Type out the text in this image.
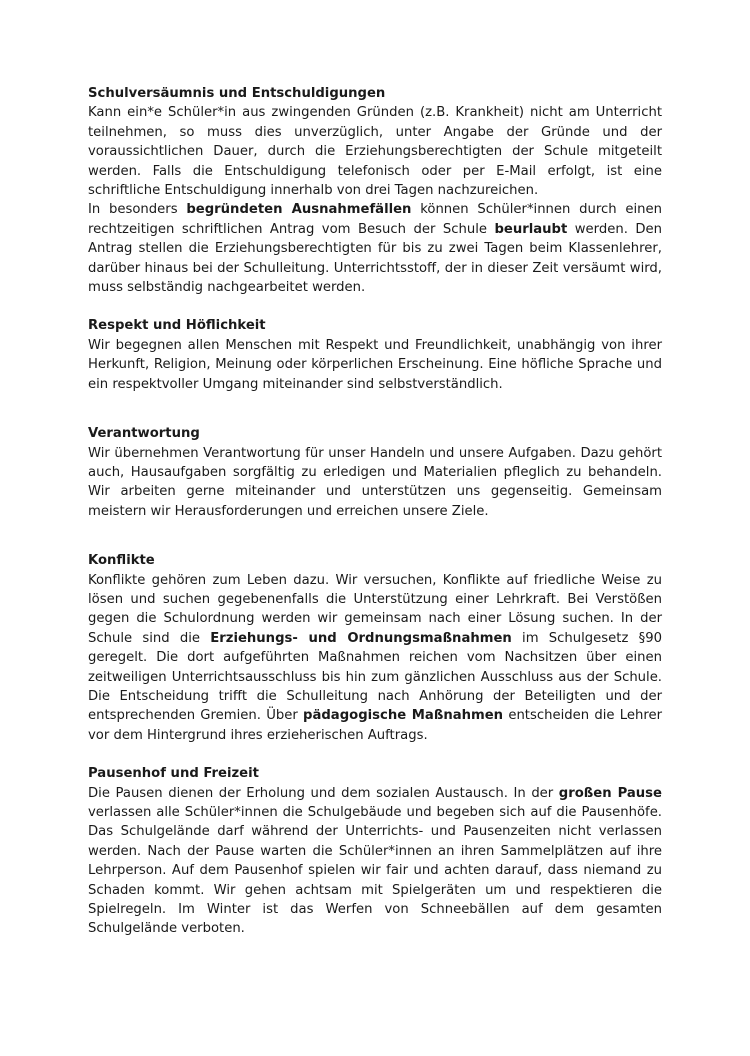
Schulversäumnis und Entschuldigungen

Kann ein*e Schüler*in aus zwingenden Gründen (z.B. Krankheit) nicht am Unterricht teilnehmen, so muss dies unverzüglich, unter Angabe der Gründe und der voraussichtlichen Dauer, durch die Erziehungsberechtigten der Schule mitgeteilt werden. Falls die Entschuldigung telefonisch oder per E-Mail erfolgt, ist eine schriftliche Entschuldigung innerhalb von drei Tagen nachzureichen.

In besonders begründeten Ausnahmefällen können Schüler*innen durch einen rechtzeitigen schriftlichen Antrag vom Besuch der Schule beurlaubt werden. Den Antrag stellen die Erziehungsberechtigten für bis zu zwei Tagen beim Klassenlehrer, darüber hinaus bei der Schulleitung. Unterrichtsstoff, der in dieser Zeit versäumt wird, muss selbständig nachgearbeitet werden.

Respekt und Höflichkeit

Wir begegnen allen Menschen mit Respekt und Freundlichkeit, unabhängig von ihrer Herkunft, Religion, Meinung oder körperlichen Erscheinung. Eine höfliche Sprache und ein respektvoller Umgang miteinander sind selbstverständlich.

Verantwortung

Wir übernehmen Verantwortung für unser Handeln und unsere Aufgaben. Dazu gehört auch, Hausaufgaben sorgfältig zu erledigen und Materialien pfleglich zu behandeln. Wir arbeiten gerne miteinander und unterstützen uns gegenseitig. Gemeinsam meistern wir Herausforderungen und erreichen unsere Ziele.

Konflikte

Konflikte gehören zum Leben dazu. Wir versuchen, Konflikte auf friedliche Weise zu lösen und suchen gegebenenfalls die Unterstützung einer Lehrkraft. Bei Verstößen gegen die Schulordnung werden wir gemeinsam nach einer Lösung suchen. In der Schule sind die Erziehungs- und Ordnungsmaßnahmen im Schulgesetz §90 geregelt. Die dort aufgeführten Maßnahmen reichen vom Nachsitzen über einen zeitweiligen Unterrichtsausschluss bis hin zum gänzlichen Ausschluss aus der Schule. Die Entscheidung trifft die Schulleitung nach Anhörung der Beteiligten und der entsprechenden Gremien. Über pädagogische Maßnahmen entscheiden die Lehrer vor dem Hintergrund ihres erzieherischen Auftrags.

Pausenhof und Freizeit

Die Pausen dienen der Erholung und dem sozialen Austausch. In der großen Pause verlassen alle Schüler*innen die Schulgebäude und begeben sich auf die Pausenhöfe. Das Schulgelände darf während der Unterrichts- und Pausenzeiten nicht verlassen werden. Nach der Pause warten die Schüler*innen an ihren Sammelplätzen auf ihre Lehrperson. Auf dem Pausenhof spielen wir fair und achten darauf, dass niemand zu Schaden kommt. Wir gehen achtsam mit Spielgeräten um und respektieren die Spielregeln. Im Winter ist das Werfen von Schneebällen auf dem gesamten Schulgelände verboten.
